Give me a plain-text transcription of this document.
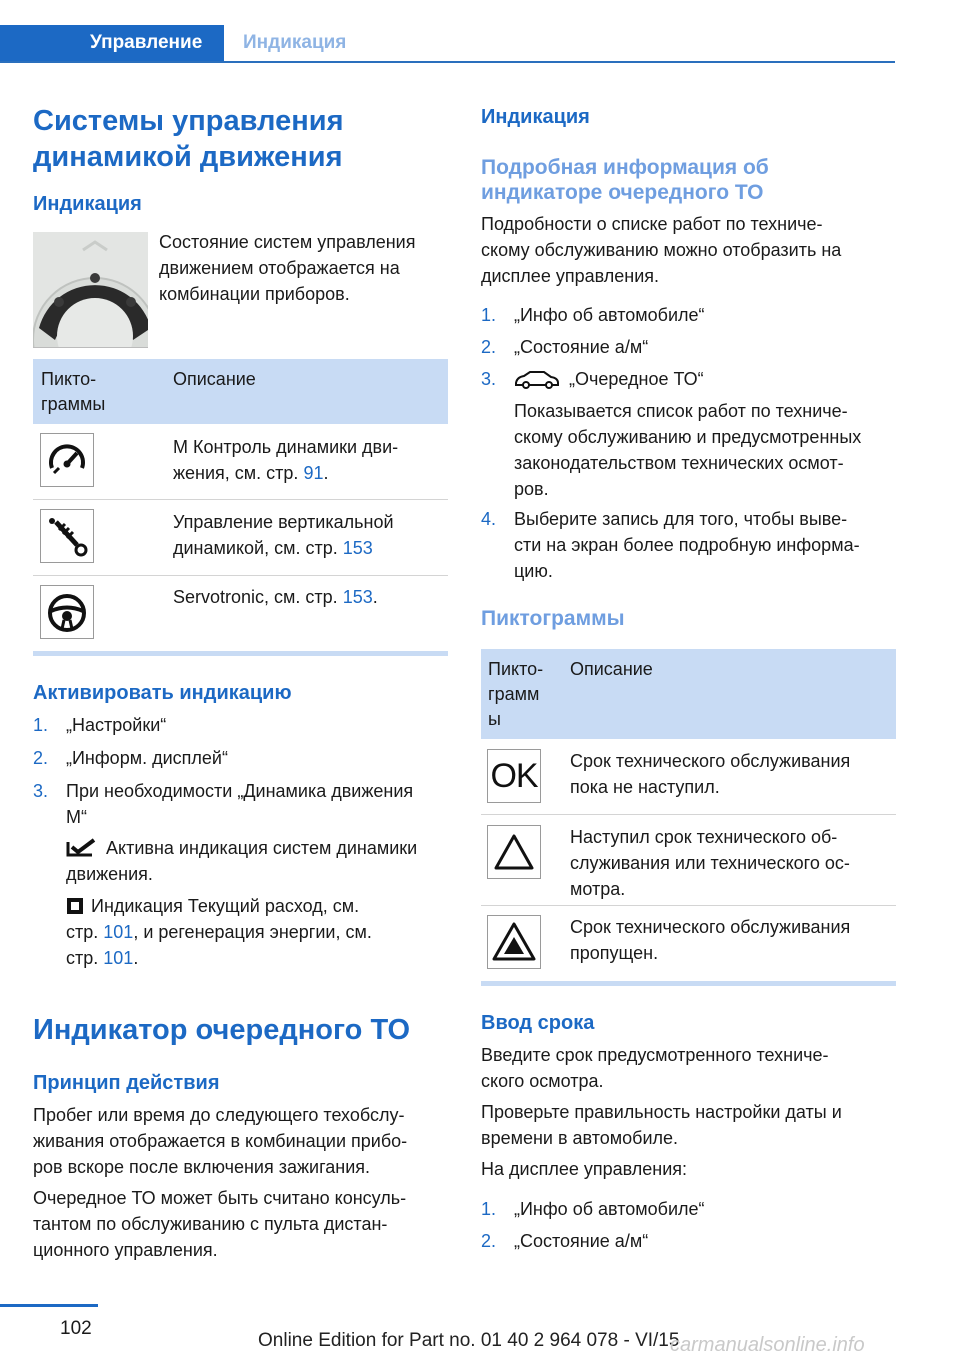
Управление	Индикация
Системы управления
динамикой движения
Индикация
Состояние систем управления
движением отображается на
комбинации приборов.
Пикто-
граммы
Описание
M Контроль динамики дви-
жения, см. стр. 91.
Управление вертикальной
динамикой, см. стр. 153
Servotronic, см. стр. 153.
Активировать индикацию
1. „Настройки“
2. „Информ. дисплей“
3. При необходимости „Динамика движения
M“
Активна индикация систем динамики
движения.
Индикация Текущий расход, см.
стр. 101, и регенерация энергии, см.
стр. 101.
Индикатор очередного ТО
Принцип действия
Пробег или время до следующего техобслу-
живания отображается в комбинации прибо-
ров вскоре после включения зажигания.
Очередное ТО может быть считано консуль-
тантом по обслуживанию с пульта дистан-
ционного управления.
Индикация
Подробная информация об
индикаторе очередного ТО
Подробности о списке работ по техниче-
скому обслуживанию можно отобразить на
дисплее управления.
1. „Инфо об автомобиле“
2. „Состояние а/м“
3.	„Очередное ТО“
Показывается список работ по техниче-
скому обслуживанию и предусмотренных
законодательством технических осмот-
ров.
4. Выберите запись для того, чтобы выве-
сти на экран более подробную информа-
цию.
Пиктограммы
Пикто-
грамм
ы
Описание
OK Срок технического обслуживания
пока не наступил.
Наступил срок технического об-
служивания или технического ос-
мотра.
Срок технического обслуживания
пропущен.
Ввод срока
Введите срок предусмотренного техниче-
ского осмотра.
Проверьте правильность настройки даты и
времени в автомобиле.
На дисплее управления:
1. „Инфо об автомобиле“
2. „Состояние а/м“
102
Online Edition for Part no. 01 40 2 964 078 - VI/15
carmanualsonline.info
